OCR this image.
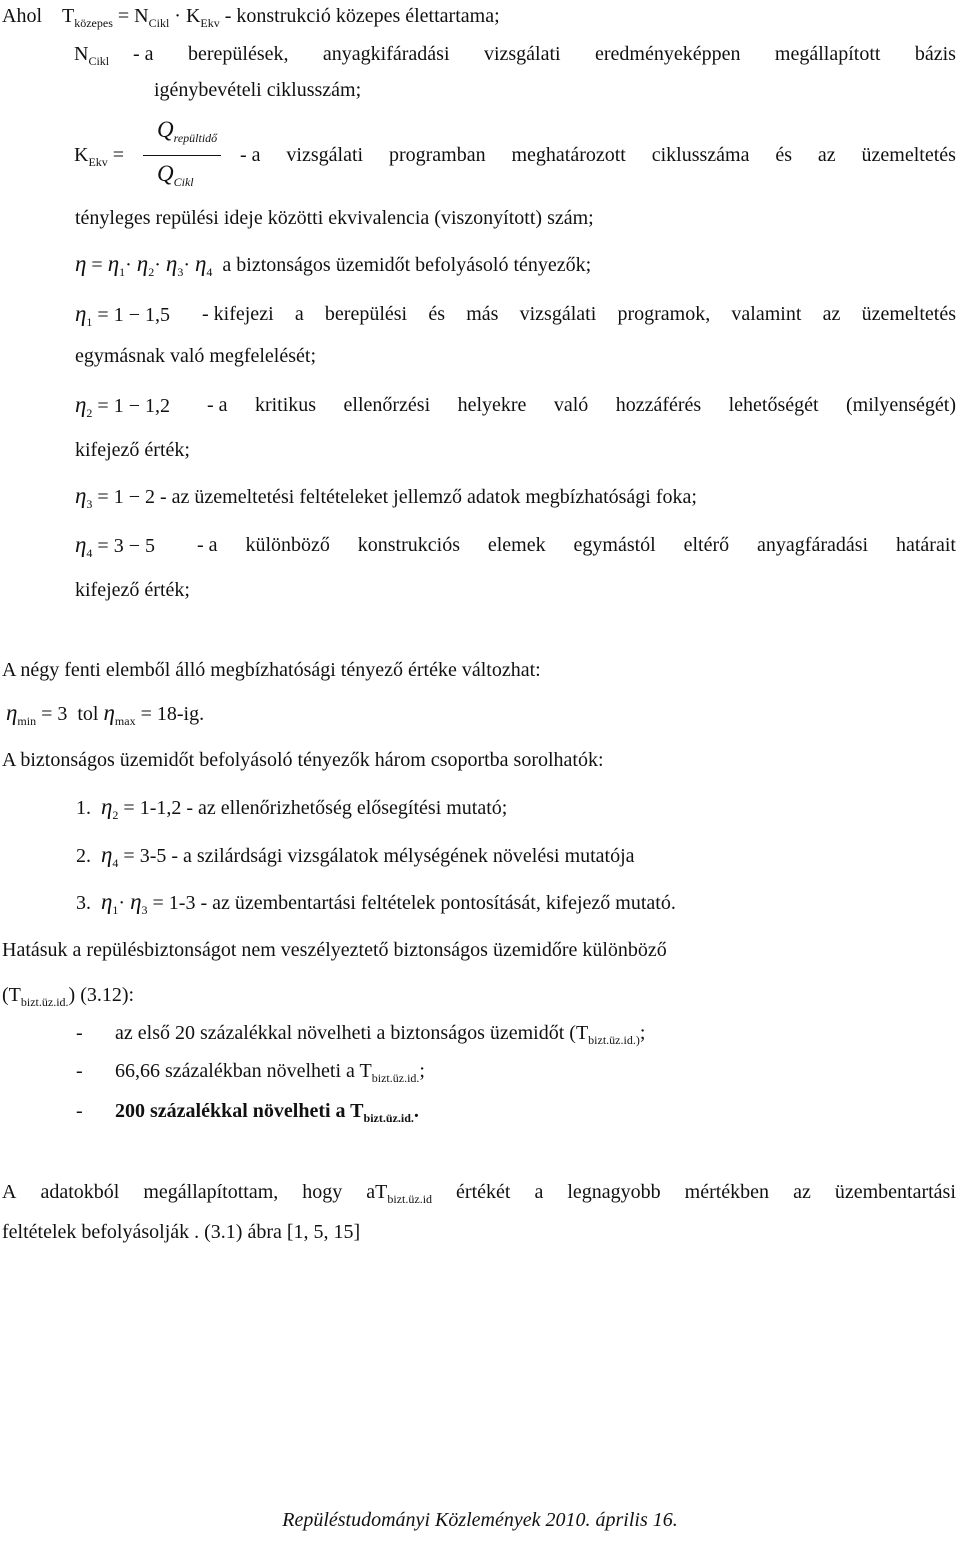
Ahol $T_{közepes} = N_{Cikl} \cdot K_{Ekv}$ - konstrukció közepes élettartama;
$N_{Cikl}$ - a berepülések, anyagkifáradási vizsgálati eredményeképpen megállapított bázis
igénybevételi ciklusszám;
$K_{Ekv}$ =
$Q_{repültidő}$
$Q_{Cikl}$
- a vizsgálati programban meghatározott ciklusszáma és az üzemeltetés
tényleges repülési ideje közötti ekvivalencia (viszonyított) szám;
$\eta = \eta_1\cdot \eta_2\cdot \eta_3\cdot \eta_4$ a biztonságos üzemidőt befolyásoló tényezők;
$\eta_1 = 1 - 1,5$ - kifejezi a berepülési és más vizsgálati programok, valamint az üzemeltetés
egymásnak való megfelelését;
$\eta_2 = 1 - 1,2 - a$ kritikus ellenőrzési helyekre való hozzáférés lehetőségét (milyenségét)
kifejező érték;
$\eta_3 = 1 - 2$ - az üzemeltetési feltételeket jellemző adatok megbízhatósági foka;
$\eta_4 = 3 - 5 - a$ különböző konstrukciós elemek egymástól eltérő anyagfáradási határait
kifejező érték;
A négy fenti elemből álló megbízhatósági tényező értéke változhat:
$\eta_{min} = 3$ tol $\eta_{max} = 18-ig$.
A biztonságos üzemidőt befolyásoló tényezők három csoportba sorolhatók:
1. $\eta_2 = 1-1,2$ - az ellenőrizhetőség elősegítési mutató;
2. $\eta_4 = 3-5 - a$ szilárdsági vizsgálatok mélységének növelési mutatója
3. $\eta_1\cdot \eta_3 = 1-3$ - az üzembentartási feltételek pontosítását, kifejező mutató.
Hatásuk a repülésbiztonságot nem veszélyeztető biztonságos üzemidőre különböző
$(T_{bizt.üz.id.})$ (3.12):
- az első 20 százalékkal növelheti a biztonságos üzemidőt ($T_{bizt.üz.id.)}$;
- 66,66 százalékban növelheti a $T_{bizt.üz.id.}$;
- 200 százalékkal növelheti a $T_{bizt.üz.id.}$.
A adatokból megállapítottam, hogy $aT_{bizt.üz.id}$ értékét a legnagyobb mértékben az üzembentartási
feltételek befolyásolják . (3.1) ábra [1, 5, 15]
Repüléstudományi Közlemények 2010. április 16.
